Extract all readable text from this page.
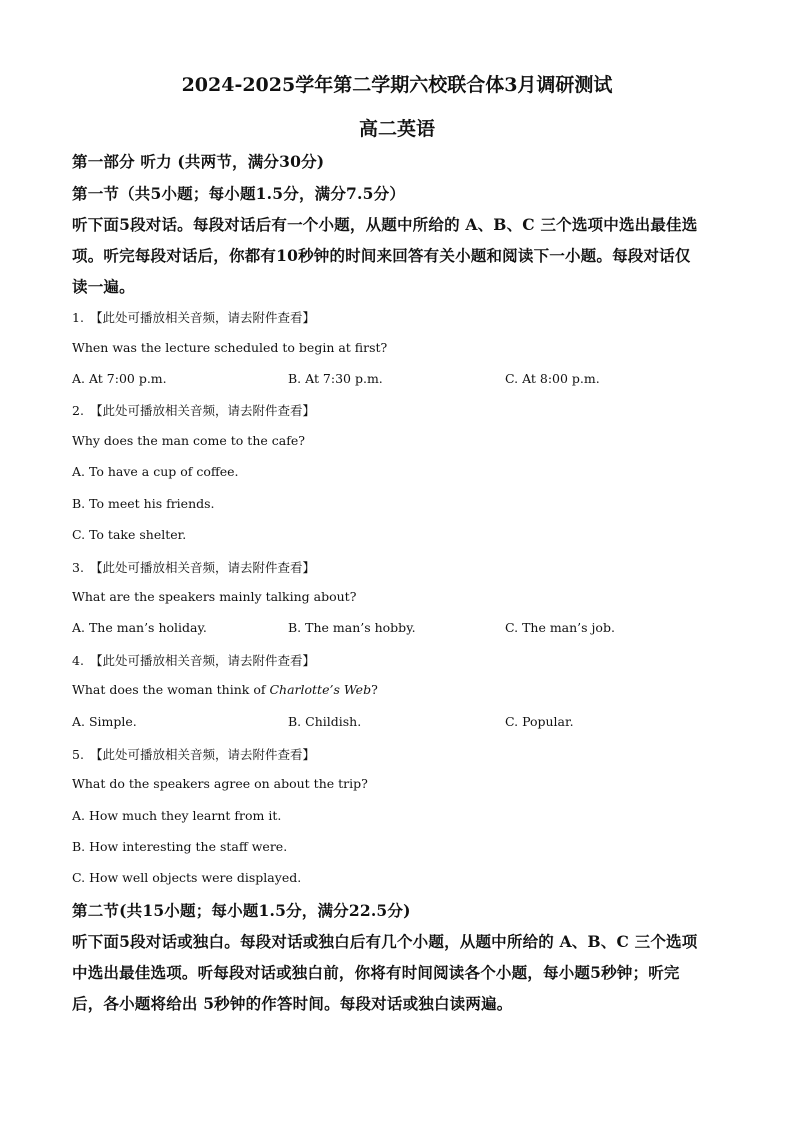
2024-2025学年第二学期六校联合体3月调研测试
高二英语
第一部分 听力 (共两节，满分30分)
第一节（共5小题；每小题1.5分，满分7.5分）
听下面5段对话。每段对话后有一个小题，从题中所给的 A、B、C 三个选项中选出最佳选
项。听完每段对话后，你都有10秒钟的时间来回答有关小题和阅读下一小题。每段对话仅
读一遍。
1. 【此处可播放相关音频，请去附件查看】
When was the lecture scheduled to begin at first?
A. At 7:00 p.m.	B. At 7:30 p.m.	C. At 8:00 p.m.
2. 【此处可播放相关音频，请去附件查看】
Why does the man come to the cafe?
A. To have a cup of coffee.
B. To meet his friends.
C. To take shelter.
3. 【此处可播放相关音频，请去附件查看】
What are the speakers mainly talking about?
A. The man’s holiday.	B. The man’s hobby.	C. The man’s job.
4. 【此处可播放相关音频，请去附件查看】
What does the woman think of Charlotte’s Web?
A. Simple.	B. Childish.	C. Popular.
5. 【此处可播放相关音频，请去附件查看】
What do the speakers agree on about the trip?
A. How much they learnt from it.
B. How interesting the staff were.
C. How well objects were displayed.
第二节(共15小题；每小题1.5分，满分22.5分)
听下面5段对话或独白。每段对话或独白后有几个小题，从题中所给的 A、B、C 三个选项
中选出最佳选项。听每段对话或独白前，你将有时间阅读各个小题，每小题5秒钟；听完
后，各小题将给出 5秒钟的作答时间。每段对话或独白读两遍。
